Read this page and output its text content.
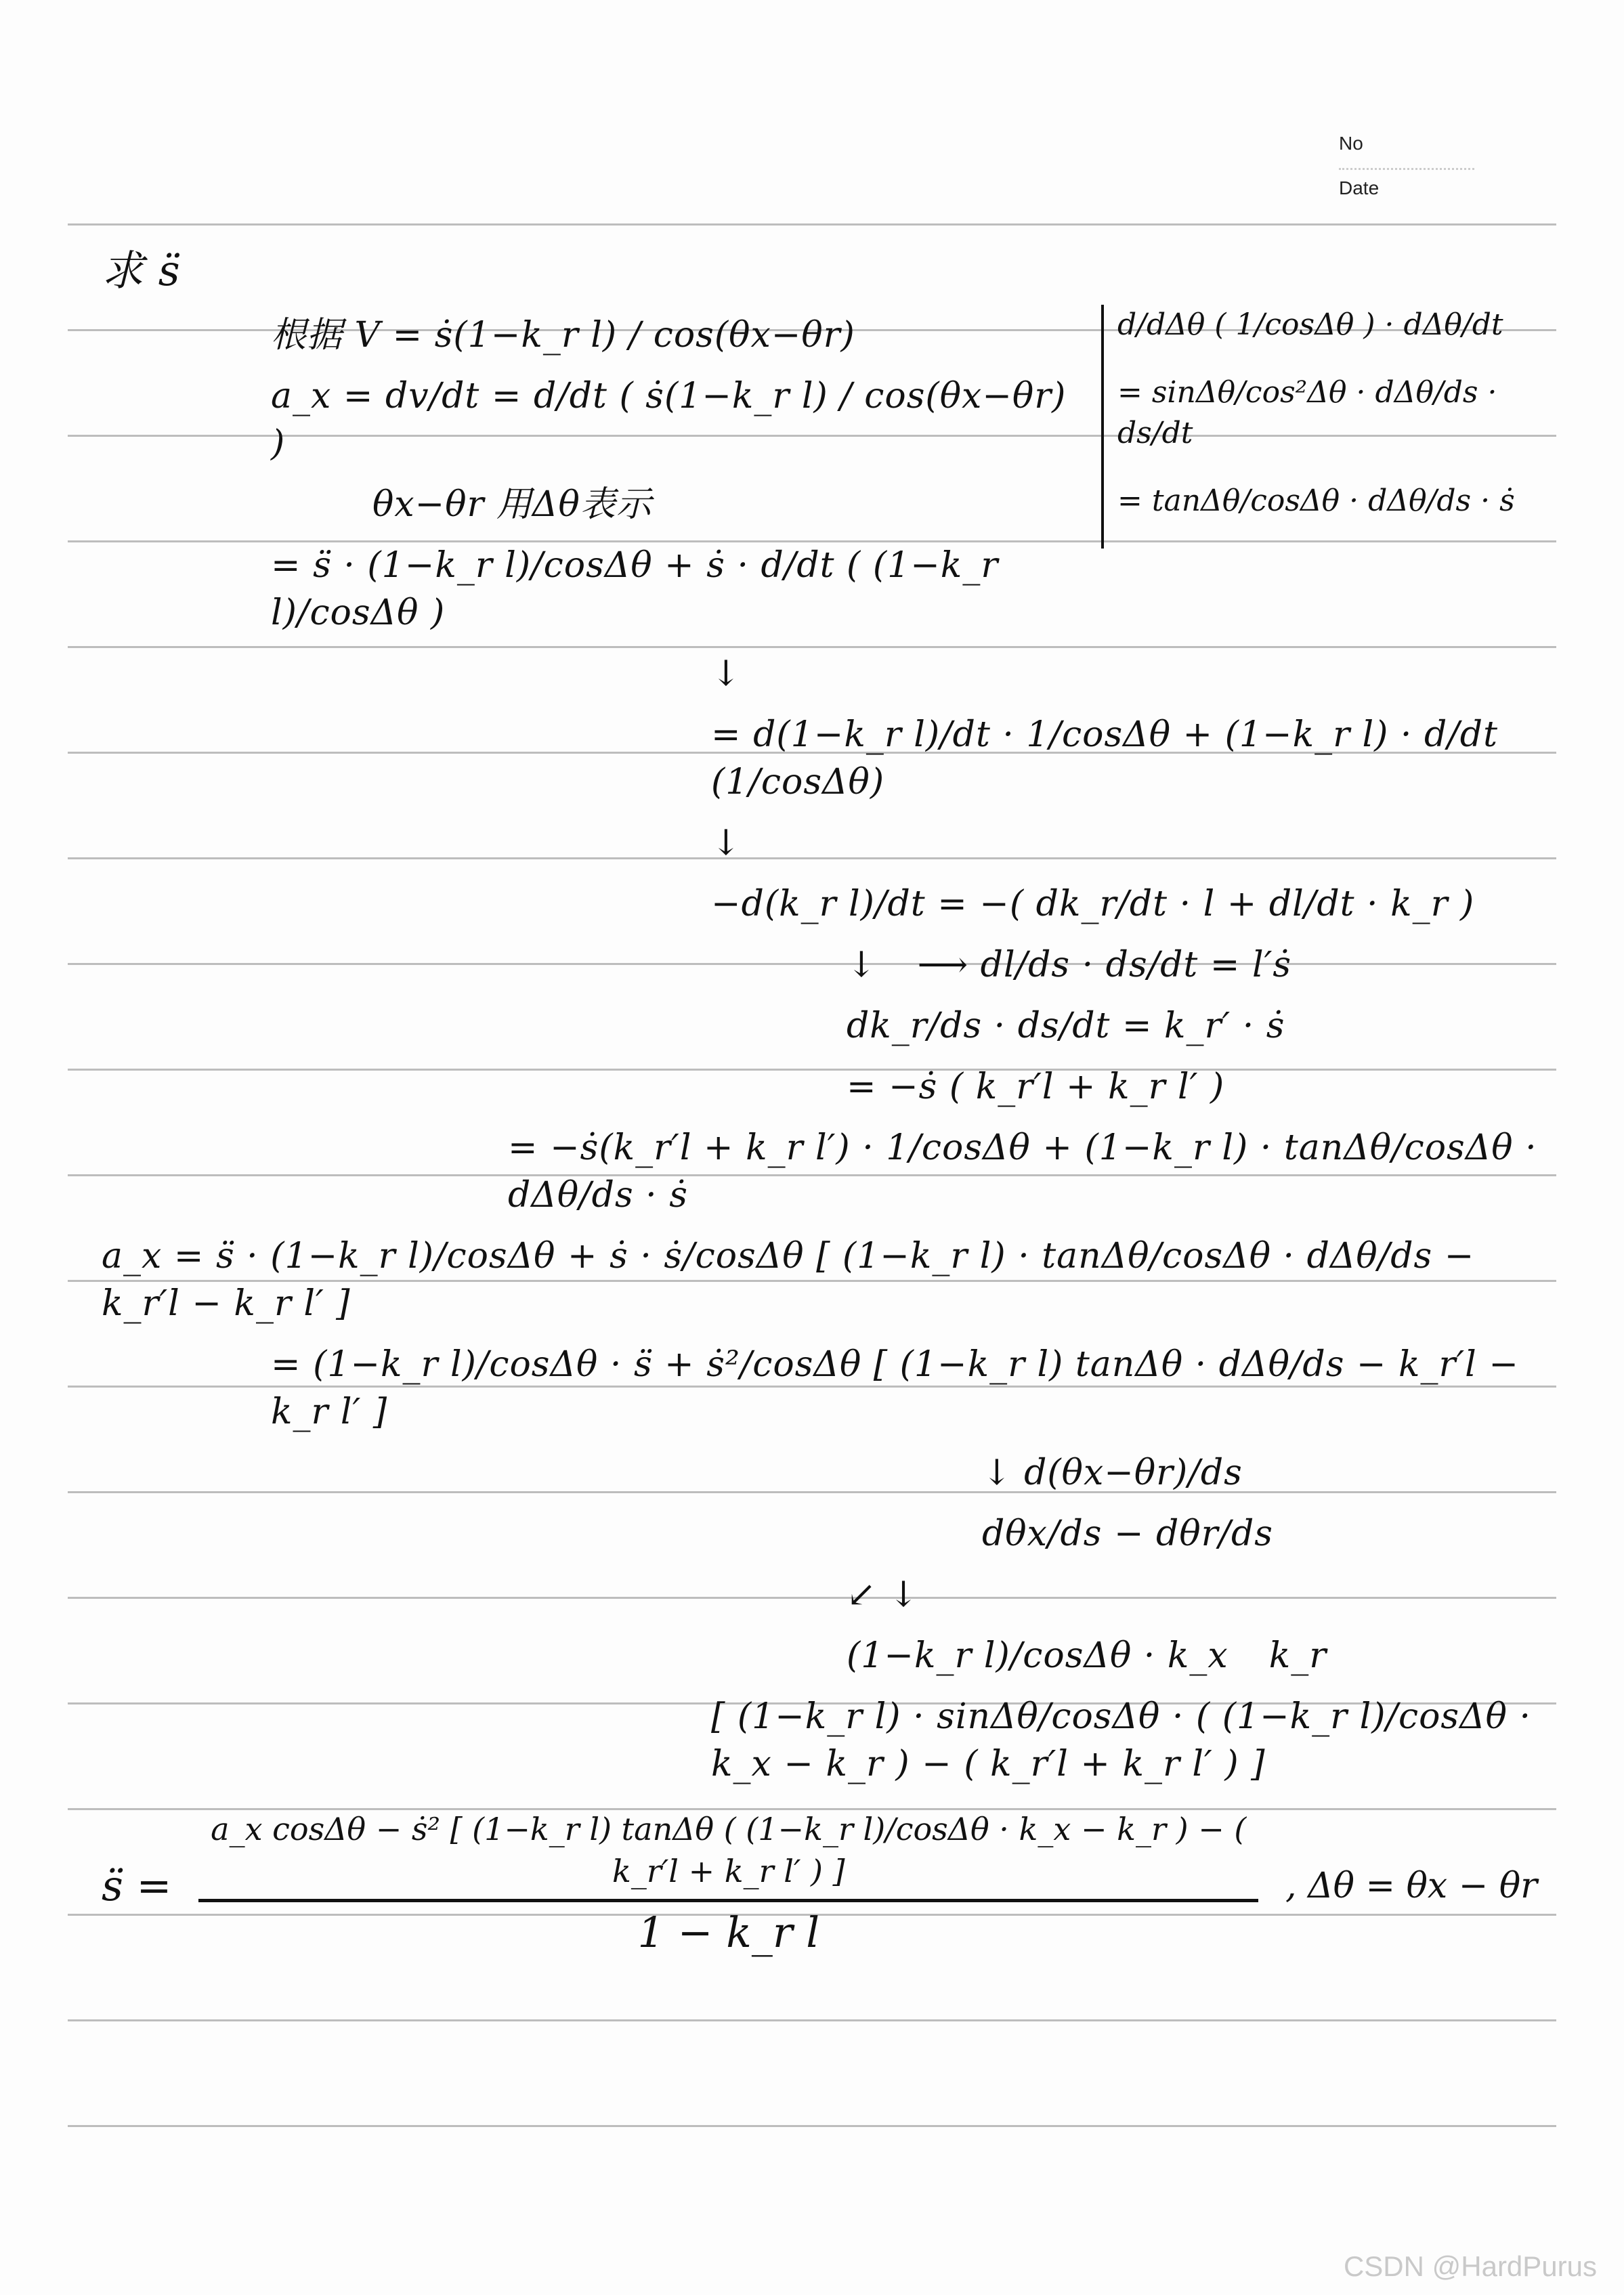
No
Date
d/dΔθ ( 1/cosΔθ ) · dΔθ/dt
= sinΔθ/cos²Δθ · dΔθ/ds · ds/dt
= tanΔθ/cosΔθ · dΔθ/ds · ṡ
求 s̈
根据 V = ṡ(1−k_r l) / cos(θx−θr)
a_x = dv/dt = d/dt ( ṡ(1−k_r l) / cos(θx−θr) )
θx−θr 用Δθ表示
= s̈ · (1−k_r l)/cosΔθ + ṡ · d/dt ( (1−k_r l)/cosΔθ )
↓
= d(1−k_r l)/dt · 1/cosΔθ + (1−k_r l) · d/dt (1/cosΔθ)
↓
−d(k_r l)/dt = −( dk_r/dt · l + dl/dt · k_r )
↓ ⟶ dl/ds · ds/dt = l′ṡ
dk_r/ds · ds/dt = k_r′ · ṡ
= −ṡ ( k_r′l + k_r l′ )
= −ṡ(k_r′l + k_r l′) · 1/cosΔθ + (1−k_r l) · tanΔθ/cosΔθ · dΔθ/ds · ṡ
a_x = s̈ · (1−k_r l)/cosΔθ + ṡ · ṡ/cosΔθ [ (1−k_r l) · tanΔθ/cosΔθ · dΔθ/ds − k_r′l − k_r l′ ]
= (1−k_r l)/cosΔθ · s̈ + ṡ²/cosΔθ [ (1−k_r l) tanΔθ · dΔθ/ds − k_r′l − k_r l′ ]
↓ d(θx−θr)/ds
dθx/ds − dθr/ds
↙ ↓
(1−k_r l)/cosΔθ · k_x k_r
[ (1−k_r l) · sinΔθ/cosΔθ · ( (1−k_r l)/cosΔθ · k_x − k_r ) − ( k_r′l + k_r l′ ) ]
s̈ =
a_x cosΔθ − ṡ² [ (1−k_r l) tanΔθ ( (1−k_r l)/cosΔθ · k_x − k_r ) − ( k_r′l + k_r l′ ) ]
1 − k_r l
, Δθ = θx − θr
CSDN @HardPurus
